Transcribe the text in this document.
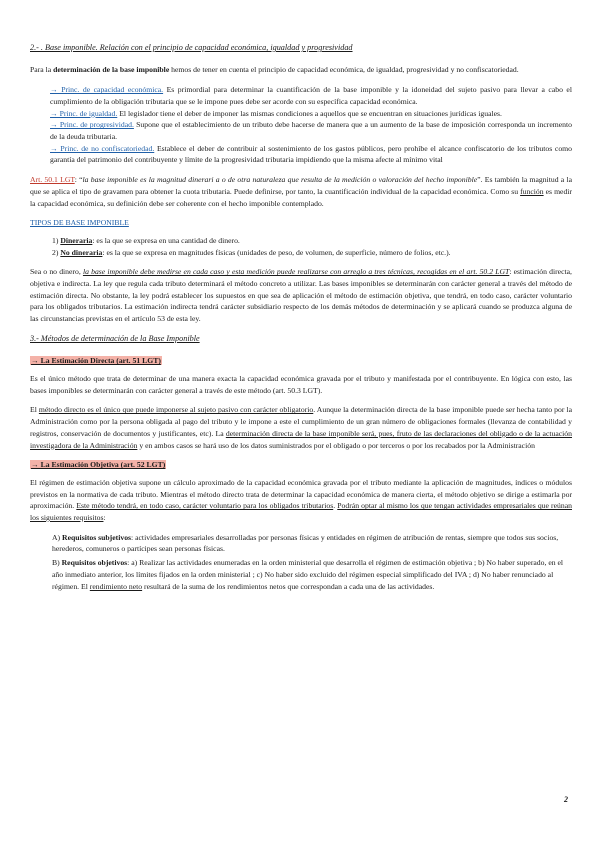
2.- . Base imponible. Relación con el principio de capacidad económica, igualdad y progresividad

Para la determinación de la base imponible hemos de tener en cuenta el principio de capacidad económica, de igualdad, progresividad y no confiscatoriedad.

→ Princ. de capacidad económica. Es primordial para determinar la cuantificación de la base imponible y la idoneidad del sujeto pasivo para llevar a cabo el cumplimiento de la obligación tributaria que se le impone pues debe ser acorde con su específica capacidad económica.
→ Princ. de igualdad. El legislador tiene el deber de imponer las mismas condiciones a aquellos que se encuentran en situaciones jurídicas iguales.
→ Princ. de progresividad. Supone que el establecimiento de un tributo debe hacerse de manera que a un aumento de la base de imposición corresponda un incremento de la deuda tributaria.
→ Princ. de no confiscatoriedad. Establece el deber de contribuir al sostenimiento de los gastos públicos, pero prohíbe el alcance confiscatorio de los tributos como garantía del patrimonio del contribuyente y límite de la progresividad tributaria impidiendo que la misma afecte al mínimo vital

Art. 50.1 LGT: “la base imponible es la magnitud dinerari a o de otra naturaleza que resulta de la medición o valoración del hecho imponible”. Es también la magnitud a la que se aplica el tipo de gravamen para obtener la cuota tributaria. Puede definirse, por tanto, la cuantificación individual de la capacidad económica. Como su función es medir la capacidad económica, su definición debe ser coherente con el hecho imponible contemplado.

TIPOS DE BASE IMPONIBLE

1) Dineraria: es la que se expresa en una cantidad de dinero.
2) No dineraria: es la que se expresa en magnitudes físicas (unidades de peso, de volumen, de superficie, número de folios, etc.).

Sea o no dinero, la base imponible debe medirse en cada caso y esta medición puede realizarse con arreglo a tres técnicas, recogidas en el art. 50.2 LGT: estimación directa, objetiva e indirecta. La ley que regula cada tributo determinará el método concreto a utilizar. Las bases imponibles se determinarán con carácter general a través del método de estimación directa. No obstante, la ley podrá establecer los supuestos en que sea de aplicación el método de estimación objetiva, que tendrá, en todo caso, carácter voluntario para los obligados tributarios. La estimación indirecta tendrá carácter subsidiario respecto de los demás métodos de determinación y se aplicará cuando se produzca alguna de las circunstancias previstas en el artículo 53 de esta ley.

3.- Métodos de determinación de la Base Imponible

→ La Estimación Directa (art. 51 LGT)

Es el único método que trata de determinar de una manera exacta la capacidad económica gravada por el tributo y manifestada por el contribuyente. En lógica con esto, las bases imponibles se determinarán con carácter general a través de este método (art. 50.3 LGT).

El método directo es el único que puede imponerse al sujeto pasivo con carácter obligatorio. Aunque la determinación directa de la base imponible puede ser hecha tanto por la Administración como por la persona obligada al pago del tributo y le impone a este el cumplimiento de un gran número de obligaciones formales (llevanza de contabilidad y registros, conservación de documentos y justificantes, etc). La determinación directa de la base imponible será, pues, fruto de las declaraciones del obligado o de la actuación investigadora de la Administración y en ambos casos se hará uso de los datos suministrados por el obligado o por terceros o por los recabados por la Administración

→ La Estimación Objetiva (art. 52 LGT)

El régimen de estimación objetiva supone un cálculo aproximado de la capacidad económica gravada por el tributo mediante la aplicación de magnitudes, índices o módulos previstos en la normativa de cada tributo. Mientras el método directo trata de determinar la capacidad económica de manera cierta, el método objetivo se dirige a estimarla por aproximación. Este método tendrá, en todo caso, carácter voluntario para los obligados tributarios. Podrán optar al mismo los que tengan actividades empresariales que reúnan los siguientes requisitos:

A) Requisitos subjetivos: actividades empresariales desarrolladas por personas físicas y entidades en régimen de atribución de rentas, siempre que todos sus socios, herederos, comuneros o partícipes sean personas físicas.
B) Requisitos objetivos: a) Realizar las actividades enumeradas en la orden ministerial que desarrolla el régimen de estimación objetiva ; b) No haber superado, en el año inmediato anterior, los límites fijados en la orden ministerial ; c) No haber sido excluido del régimen especial simplificado del IVA ; d) No haber renunciado al régimen. El rendimiento neto resultará de la suma de los rendimientos netos que correspondan a cada una de las actividades.
2
